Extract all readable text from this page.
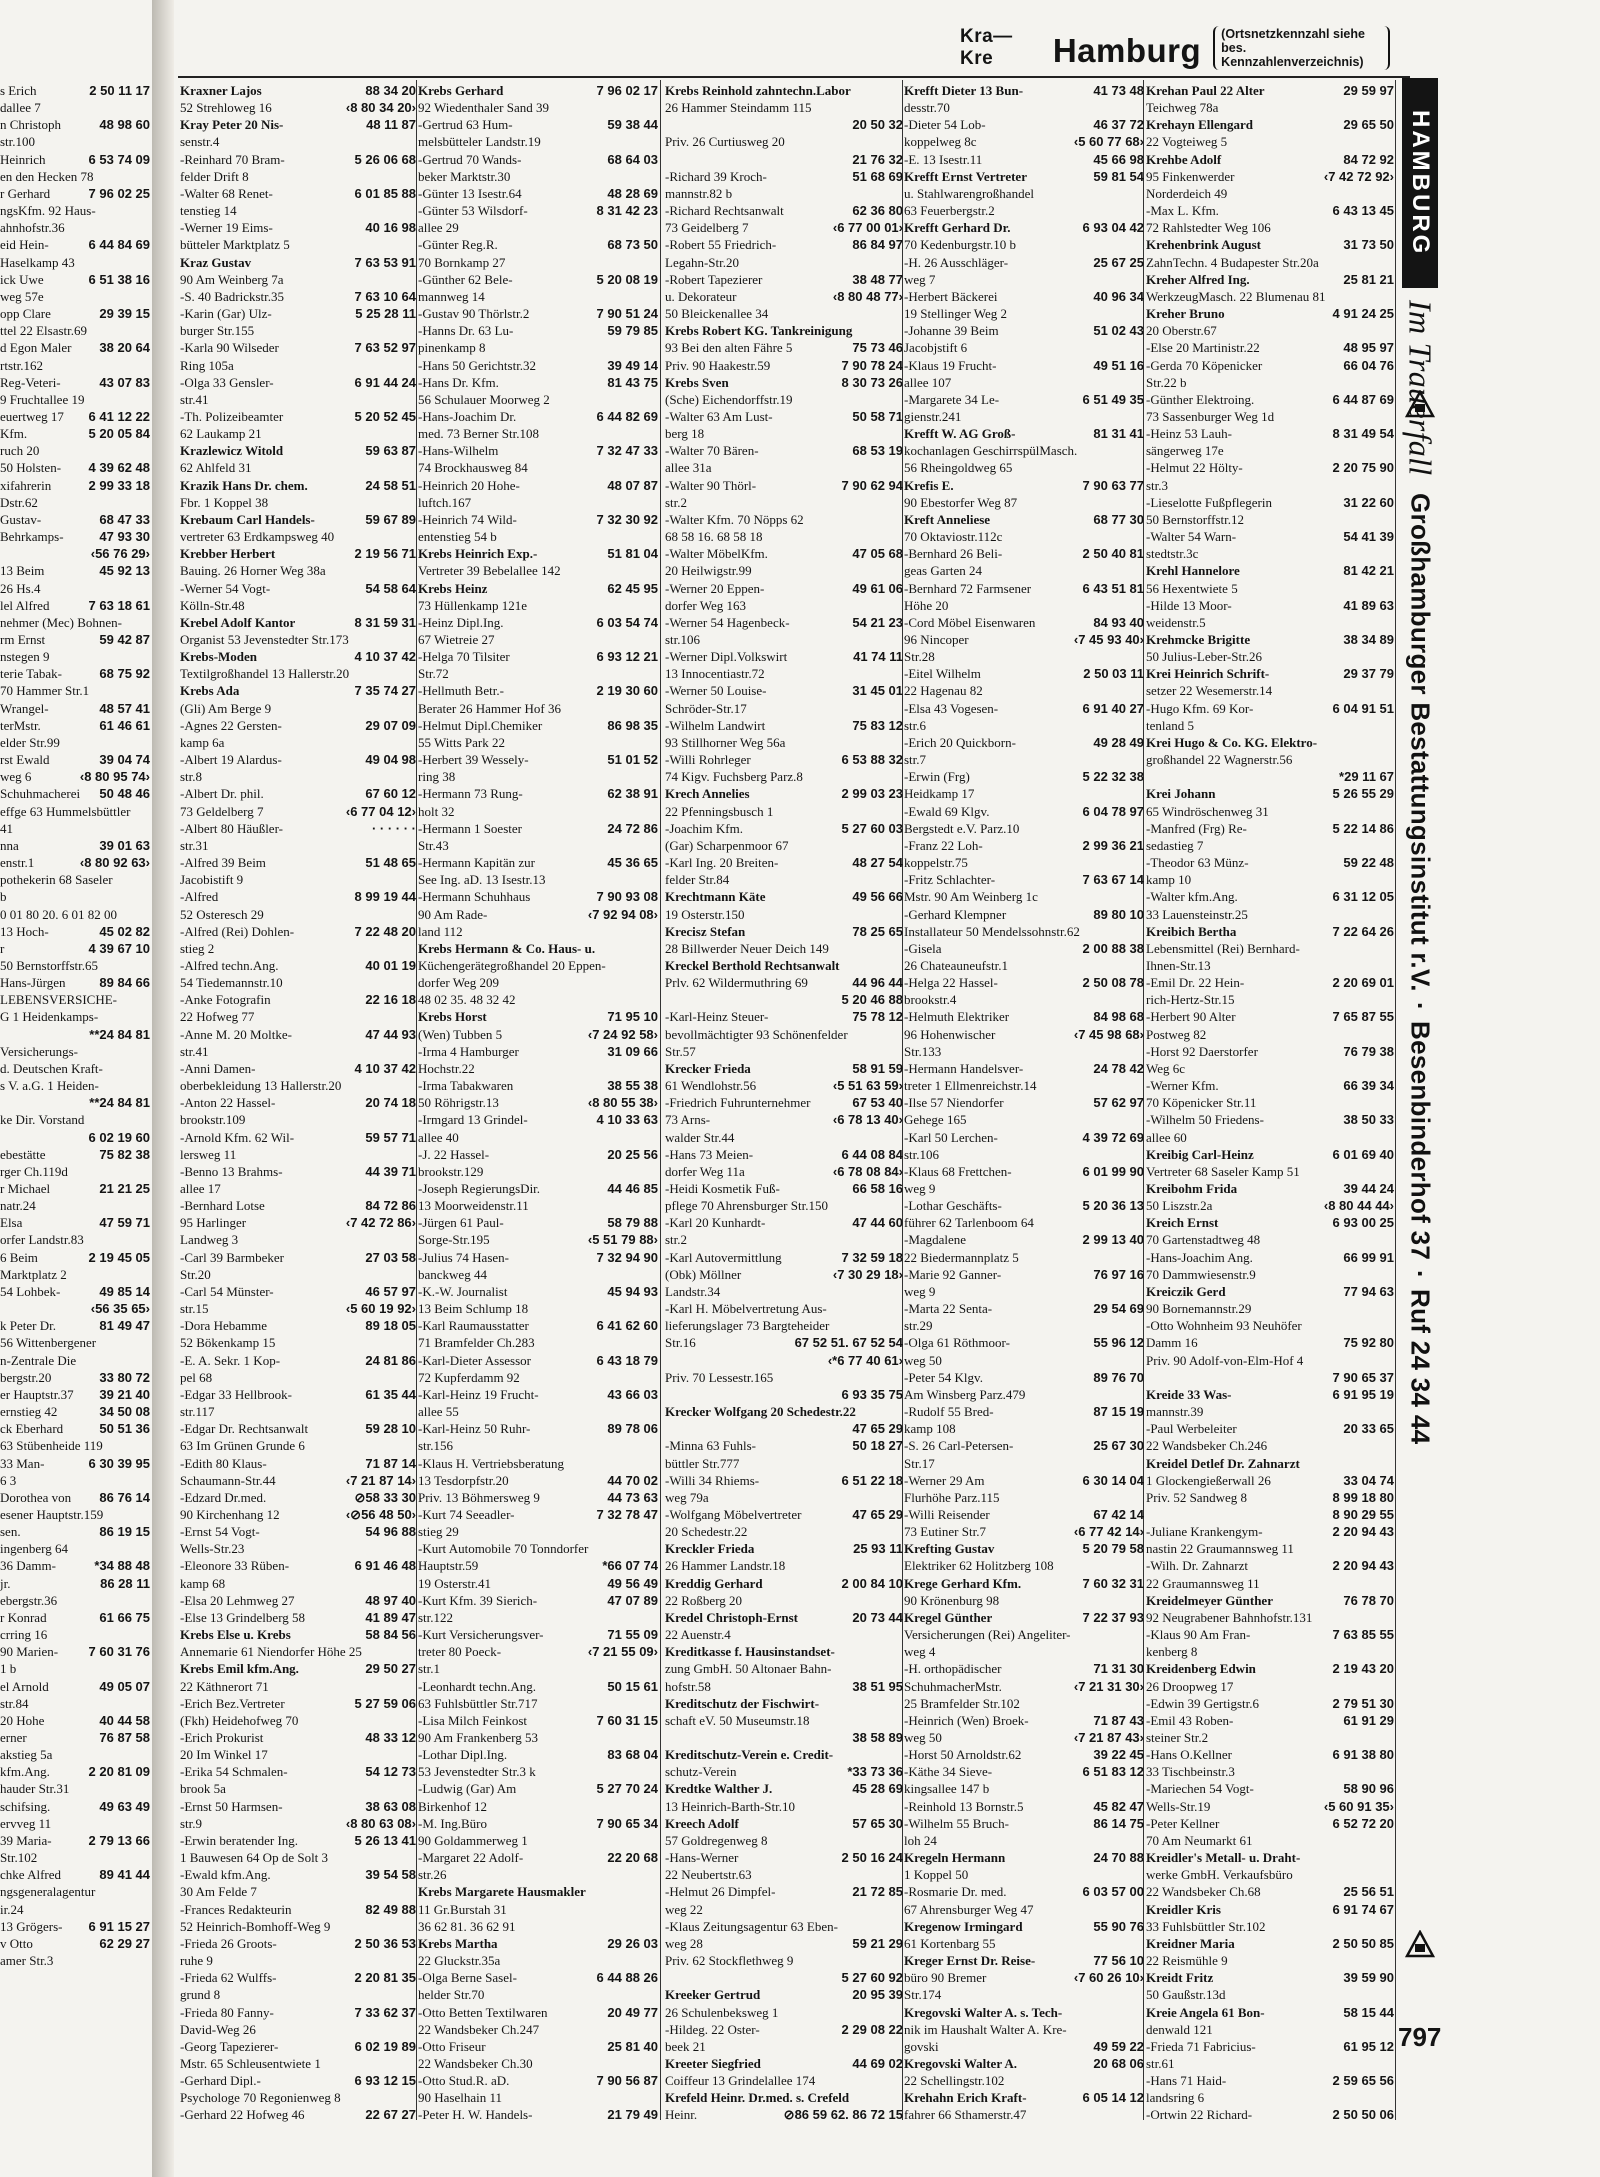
2 50 11 17
s Erich
dallee 7
48 98 60
n Christoph
str.100
6 53 74 09
Heinrich
en den Hecken 78
7 96 02 25
r Gerhard
ngsKfm. 92 Haus-
ahnhofstr.36
6 44 84 69
eid Hein-
Haselkamp 43
6 51 38 16
ick Uwe
weg 57e
29 39 15
opp Clare
ttel 22 Elsastr.69
38 20 64
d Egon Maler
rtstr.162
43 07 83
Reg-Veteri-
9 Fruchtallee 19
6 41 12 22
euertweg 17
5 20 05 84
Kfm.
ruch 20
4 39 62 48
50 Holsten-
2 99 33 18
xifahrerin
Dstr.62
68 47 33
Gustav-
47 93 30
Behrkamps-
‹56 76 29›
45 92 13
13 Beim
26 Hs.4
7 63 18 61
lel Alfred
nehmer (Mec) Bohnen-
59 42 87
rm Ernst
nstegen 9
68 75 92
terie Tabak-
70 Hammer Str.1
48 57 41
Wrangel-
61 46 61
terMstr.
elder Str.99
39 04 74
rst Ewald
‹8 80 95 74›
weg 6
50 48 46
Schuhmacherei
effge 63 Hummelsbüttler
41
39 01 63
nna
‹8 80 92 63›
enstr.1
pothekerin 68 Saseler
b
0 01 80 20. 6 01 82 00
45 02 82
13 Hoch-
4 39 67 10
r
50 Bernstorffstr.65
89 84 66
Hans-Jürgen
LEBENSVERSICHE-
G 1 Heidenkamps-
**24 84 81
Versicherungs-
d. Deutschen Kraft-
s V. a.G. 1 Heiden-
**24 84 81
ke Dir. Vorstand
6 02 19 60
75 82 38
ebestätte
rger Ch.119d
21 21 25
r Michael
natr.24
47 59 71
Elsa
orfer Landstr.83
2 19 45 05
6 Beim
Marktplatz 2
49 85 14
54 Lohbek-
‹56 35 65›
81 49 47
k Peter Dr.
56 Wittenbergener
n-Zentrale Die
33 80 72
bergstr.20
39 21 40
er Hauptstr.37
34 50 08
ernstieg 42
50 51 36
ck Eberhard
63 Stübenheide 119
6 30 39 95
33 Man-
6 3
86 76 14
Dorothea von
esener Hauptstr.159
86 19 15
sen.
ingenberg 64
*34 88 48
36 Damm-
86 28 11
jr.
ebergstr.36
61 66 75
r Konrad
crring 16
7 60 31 76
90 Marien-
1 b
49 05 07
el Arnold
str.84
40 44 58
20 Hohe
76 87 58
erner
akstieg 5a
2 20 81 09
kfm.Ang.
hauder Str.31
49 63 49
schifsing.
ervveg 11
2 79 13 66
39 Maria-
Str.102
89 41 44
chke Alfred
ngsgeneralagentur
ir.24
6 91 15 27
13 Grögers-
62 29 27
v Otto
amer Str.3
Kra—Kre	Hamburg	(Ortsnetzkennzahl siehe
bes. Kennzahlenverzeichnis)
88 34 20
Kraxner Lajos
‹8 80 34 20›
52 Strehloweg 16
48 11 87
Kray Peter 20 Nis-
senstr.4
5 26 06 68
-Reinhard 70 Bram-
felder Drift 8
6 01 85 88
-Walter 68 Renet-
tenstieg 14
40 16 98
-Werner 19 Eims-
bütteler Marktplatz 5
7 63 53 91
Kraz Gustav
90 Am Weinberg 7a
7 63 10 64
-S. 40 Badrickstr.35
5 25 28 11
-Karin (Gar) Ulz-
burger Str.155
7 63 52 97
-Karla 90 Wilseder
Ring 105a
6 91 44 24
-Olga 33 Gensler-
str.41
5 20 52 45
-Th. Polizeibeamter
62 Laukamp 21
59 63 87
Krazlewicz Witold
62 Ahlfeld 31
24 58 51
Krazik Hans Dr. chem.
Fbr. 1 Koppel 38
59 67 89
Krebaum Carl Handels-
vertreter 63 Erdkampsweg 40
2 19 56 71
Krebber Herbert
Bauing. 26 Horner Weg 38a
54 58 64
-Werner 54 Vogt-
Kölln-Str.48
8 31 59 31
Krebel Adolf Kantor
Organist 53 Jevenstedter Str.173
4 10 37 42
Krebs-Moden
Textilgroßhandel 13 Hallerstr.20
7 35 74 27
Krebs Ada
(Gli) Am Berge 9
29 07 09
-Agnes 22 Gersten-
kamp 6a
49 04 98
-Albert 19 Alardus-
str.8
67 60 12
-Albert Dr. phil.
‹6 77 04 12›
73 Geldelberg 7
· · · · · ·
-Albert 80 Häußler-
str.31
51 48 65
-Alfred 39 Beim
Jacobistift 9
8 99 19 44
-Alfred
52 Osteresch 29
7 22 48 20
-Alfred (Rei) Dohlen-
stieg 2
40 01 19
-Alfred techn.Ang.
54 Tiedemannstr.10
22 16 18
-Anke Fotografin
22 Hofweg 77
47 44 93
-Anne M. 20 Moltke-
str.41
4 10 37 42
-Anni Damen-
oberbekleidung 13 Hallerstr.20
20 74 18
-Anton 22 Hassel-
brookstr.109
59 57 71
-Arnold Kfm. 62 Wil-
lersweg 11
44 39 71
-Benno 13 Brahms-
allee 17
84 72 86
-Bernhard Lotse
‹7 42 72 86›
95 Harlinger
Landweg 3
27 03 58
-Carl 39 Barmbeker
Str.20
46 57 97
-Carl 54 Münster-
‹5 60 19 92›
str.15
89 18 05
-Dora Hebamme
52 Bökenkamp 15
24 81 86
-E. A. Sekr. 1 Kop-
pel 68
61 35 44
-Edgar 33 Hellbrook-
str.117
59 28 10
-Edgar Dr. Rechtsanwalt
63 Im Grünen Grunde 6
71 87 14
-Edith 80 Klaus-
‹7 21 87 14›
Schaumann-Str.44
⊘58 33 30
-Edzard Dr.med.
‹⊘56 48 50›
90 Kirchenhang 12
54 96 88
-Ernst 54 Vogt-
Wells-Str.23
6 91 46 48
-Eleonore 33 Rüben-
kamp 68
48 97 40
-Elsa 20 Lehmweg 27
41 89 47
-Else 13 Grindelberg 58
58 84 56
Krebs Else u. Krebs
Annemarie 61 Niendorfer Höhe 25
29 50 27
Krebs Emil kfm.Ang.
22 Käthnerort 71
5 27 59 06
-Erich Bez.Vertreter
(Fkh) Heidehofweg 70
48 33 12
-Erich Prokurist
20 Im Winkel 17
54 12 73
-Erika 54 Schmalen-
brook 5a
38 63 08
-Ernst 50 Harmsen-
‹8 80 63 08›
str.9
5 26 13 41
-Erwin beratender Ing.
1 Bauwesen 64 Op de Solt 3
39 54 58
-Ewald kfm.Ang.
30 Am Felde 7
82 49 88
-Frances Redakteurin
52 Heinrich-Bomhoff-Weg 9
2 50 36 53
-Frieda 26 Groots-
ruhe 9
2 20 81 35
-Frieda 62 Wulffs-
grund 8
7 33 62 37
-Frieda 80 Fanny-
David-Weg 26
6 02 19 89
-Georg Tapezierer-
Mstr. 65 Schleusentwiete 1
6 93 12 15
-Gerhard Dipl.-
Psychologe 70 Regonienweg 8
22 67 27
-Gerhard 22 Hofweg 46
7 96 02 17
Krebs Gerhard
92 Wiedenthaler Sand 39
59 38 44
-Gertrud 63 Hum-
melsbütteler Landstr.19
68 64 03
-Gertrud 70 Wands-
beker Marktstr.30
48 28 69
-Günter 13 Isestr.64
8 31 42 23
-Günter 53 Wilsdorf-
allee 29
68 73 50
-Günter Reg.R.
70 Bornkamp 27
5 20 08 19
-Günther 62 Bele-
mannweg 14
7 90 51 24
-Gustav 90 Thörlstr.2
59 79 85
-Hanns Dr. 63 Lu-
pinenkamp 8
39 49 14
-Hans 50 Gerichtstr.32
81 43 75
-Hans Dr. Kfm.
56 Schulauer Moorweg 2
6 44 82 69
-Hans-Joachim Dr.
med. 73 Berner Str.108
7 32 47 33
-Hans-Wilhelm
74 Brockhausweg 84
48 07 87
-Heinrich 20 Hohe-
luftch.167
7 32 30 92
-Heinrich 74 Wild-
entenstieg 54 b
51 81 04
Krebs Heinrich Exp.-
Vertreter 39 Bebelallee 142
62 45 95
Krebs Heinz
73 Hüllenkamp 121e
6 03 54 74
-Heinz Dipl.Ing.
67 Wietreie 27
6 93 12 21
-Helga 70 Tilsiter
Str.72
2 19 30 60
-Hellmuth Betr.-
Berater 26 Hammer Hof 36
86 98 35
-Helmut Dipl.Chemiker
55 Witts Park 22
51 01 52
-Herbert 39 Wessely-
ring 38
62 38 91
-Hermann 73 Rung-
holt 32
24 72 86
-Hermann 1 Soester
Str.43
45 36 65
-Hermann Kapitän zur
See Ing. aD. 13 Isestr.13
7 90 93 08
-Hermann Schuhhaus
‹7 92 94 08›
90 Am Rade-
land 112
Krebs Hermann & Co. Haus- u.
Küchengerätegroßhandel 20 Eppen-
dorfer Weg 209
48 02 35. 48 32 42
71 95 10
Krebs Horst
‹7 24 92 58›
(Wen) Tubben 5
31 09 66
-Irma 4 Hamburger
Hochstr.22
38 55 38
-Irma Tabakwaren
‹8 80 55 38›
50 Röhrigstr.13
4 10 33 63
-Irmgard 13 Grindel-
allee 40
20 25 56
-J. 22 Hassel-
brookstr.129
44 46 85
-Joseph RegierungsDir.
13 Moorweidenstr.11
58 79 88
-Jürgen 61 Paul-
‹5 51 79 88›
Sorge-Str.195
7 32 94 90
-Julius 74 Hasen-
banckweg 44
45 94 93
-K.-W. Journalist
13 Beim Schlump 18
6 41 62 60
-Karl Raumausstatter
71 Bramfelder Ch.283
6 43 18 79
-Karl-Dieter Assessor
72 Kupferdamm 92
43 66 03
-Karl-Heinz 19 Frucht-
allee 55
89 78 06
-Karl-Heinz 50 Ruhr-
str.156
-Klaus H. Vertriebsberatung
44 70 02
13 Tesdorpfstr.20
44 73 63
Priv. 13 Böhmersweg 9
7 32 78 47
-Kurt 74 Seeadler-
stieg 29
-Kurt Automobile 70 Tonndorfer
*66 07 74
Hauptstr.59
49 56 49
19 Osterstr.41
47 07 89
-Kurt Kfm. 39 Sierich-
str.122
71 55 09
-Kurt Versicherungsver-
‹7 21 55 09›
treter 80 Poeck-
str.1
50 15 61
-Leonhardt techn.Ang.
63 Fuhlsbüttler Str.717
7 60 31 15
-Lisa Milch Feinkost
90 Am Frankenberg 53
83 68 04
-Lothar Dipl.Ing.
53 Jevenstedter Str.3 k
5 27 70 24
-Ludwig (Gar) Am
Birkenhof 12
7 90 65 34
-M. Ing.Büro
90 Goldammerweg 1
22 20 68
-Margaret 22 Adolf-
str.26
Krebs Margarete Hausmakler
11 Gr.Burstah 31
36 62 81. 36 62 91
29 26 03
Krebs Martha
22 Gluckstr.35a
6 44 88 26
-Olga Berne Sasel-
helder Str.70
20 49 77
-Otto Betten Textilwaren
22 Wandsbeker Ch.247
25 81 40
-Otto Friseur
22 Wandsbeker Ch.30
7 90 56 87
-Otto Stud.R. aD.
90 Haselhain 11
21 79 49
-Peter H. W. Handels-
Krebs Reinhold zahntechn.Labor
26 Hammer Steindamm 115
20 50 32
Priv. 26 Curtiusweg 20
21 76 32
51 68 69
-Richard 39 Kroch-
mannstr.82 b
62 36 80
-Richard Rechtsanwalt
‹6 77 00 01›
73 Geidelberg 7
86 84 97
-Robert 55 Friedrich-
Legahn-Str.20
38 48 77
-Robert Tapezierer
‹8 80 48 77›
u. Dekorateur
50 Bleickenallee 34
Krebs Robert KG. Tankreinigung
75 73 46
93 Bei den alten Fähre 5
7 90 78 24
Priv. 90 Haakestr.59
8 30 73 26
Krebs Sven
(Sche) Eichendorffstr.19
50 58 71
-Walter 63 Am Lust-
berg 18
68 53 19
-Walter 70 Bären-
allee 31a
7 90 62 94
-Walter 90 Thörl-
str.2
-Walter Kfm. 70 Nöpps 62
68 58 16. 68 58 18
47 05 68
-Walter MöbelKfm.
20 Heilwigstr.99
49 61 06
-Werner 20 Eppen-
dorfer Weg 163
54 21 23
-Werner 54 Hagenbeck-
str.106
41 74 11
-Werner Dipl.Volkswirt
13 Innocentiastr.72
31 45 01
-Werner 50 Louise-
Schröder-Str.17
75 83 12
-Wilhelm Landwirt
93 Stillhorner Weg 56a
6 53 88 32
-Willi Rohrleger
74 Kigv. Fuchsberg Parz.8
2 99 03 23
Krech Annelies
22 Pfenningsbusch 1
5 27 60 03
-Joachim Kfm.
(Gar) Scharpenmoor 67
48 27 54
-Karl Ing. 20 Breiten-
felder Str.84
49 56 66
Krechtmann Käte
19 Osterstr.150
78 25 65
Krecisz Stefan
28 Billwerder Neuer Deich 149
Kreckel Berthold Rechtsanwalt
44 96 44
Prlv. 62 Wildermuthring 69
5 20 46 88
75 78 12
-Karl-Heinz Steuer-
bevollmächtigter 93 Schönenfelder
Str.57
58 91 59
Krecker Frieda
‹5 51 63 59›
61 Wendlohstr.56
67 53 40
-Friedrich Fuhrunternehmer
‹6 78 13 40›
73 Arns-
walder Str.44
6 44 08 84
-Hans 73 Meien-
‹6 78 08 84›
dorfer Weg 11a
66 58 16
-Heidi Kosmetik Fuß-
pflege 70 Ahrensburger Str.150
47 44 60
-Karl 20 Kunhardt-
str.2
7 32 59 18
-Karl Autovermittlung
‹7 30 29 18›
(Obk) Möllner
Landstr.34
-Karl H. Möbelvertretung Aus-
lieferungslager 73 Bargteheider
67 52 51. 67 52 54
Str.16
‹*6 77 40 61›
Priv. 70 Lessestr.165
6 93 35 75
Krecker Wolfgang 20 Schedestr.22
47 65 29
50 18 27
-Minna 63 Fuhls-
büttler Str.777
6 51 22 18
-Willi 34 Rhiems-
weg 79a
47 65 29
-Wolfgang Möbelvertreter
20 Schedestr.22
25 93 11
Kreckler Frieda
26 Hammer Landstr.18
2 00 84 10
Kreddig Gerhard
22 Roßberg 20
20 73 44
Kredel Christoph-Ernst
22 Auenstr.4
Kreditkasse f. Hausinstandset-
zung GmbH. 50 Altonaer Bahn-
38 51 95
hofstr.58
Kreditschutz der Fischwirt-
schaft eV. 50 Museumstr.18
38 58 89
Kreditschutz-Verein e. Credit-
*33 73 36
schutz-Verein
45 28 69
Kredtke Walther J.
13 Heinrich-Barth-Str.10
57 65 30
Kreech Adolf
57 Goldregenweg 8
2 50 16 24
-Hans-Werner
22 Neubertstr.63
21 72 85
-Helmut 26 Dimpfel-
weg 22
-Klaus Zeitungsagentur 63 Eben-
59 21 29
weg 28
Priv. 62 Stockflethweg 9
5 27 60 92
20 95 39
Kreeker Gertrud
26 Schulenbeksweg 1
2 29 08 22
-Hildeg. 22 Oster-
beek 21
44 69 02
Kreeter Siegfried
Coiffeur 13 Grindelallee 174
Krefeld Heinr. Dr.med. s. Crefeld
⊘86 59 62. 86 72 15
Heinr.
41 73 48
Krefft Dieter 13 Bun-
desstr.70
46 37 72
-Dieter 54 Lob-
‹5 60 77 68›
koppelweg 8c
45 66 98
-E. 13 Isestr.11
59 81 54
Krefft Ernst Vertreter
u. Stahlwarengroßhandel
63 Feuerbergstr.2
6 93 04 42
Krefft Gerhard Dr.
70 Kedenburgstr.10 b
25 67 25
-H. 26 Ausschläger-
weg 7
40 96 34
-Herbert Bäckerei
19 Stellinger Weg 2
51 02 43
-Johanne 39 Beim
Jacobjstift 6
49 51 16
-Klaus 19 Frucht-
allee 107
6 51 49 35
-Margarete 34 Le-
gienstr.241
81 31 41
Krefft W. AG Groß-
kochanlagen GeschirrspülMasch.
56 Rheingoldweg 65
7 90 63 77
Krefis E.
90 Ebestorfer Weg 87
68 77 30
Kreft Anneliese
70 Oktaviostr.112c
2 50 40 81
-Bernhard 26 Beli-
geas Garten 24
6 43 51 81
-Bernhard 72 Farmsener
Höhe 20
84 93 40
-Cord Möbel Eisenwaren
‹7 45 93 40›
96 Nincoper
Str.28
2 50 03 11
-Eitel Wilhelm
22 Hagenau 82
6 91 40 27
-Elsa 43 Vogesen-
str.6
49 28 49
-Erich 20 Quickborn-
str.7
5 22 32 38
-Erwin (Frg)
Heidkamp 17
6 04 78 97
-Ewald 69 Klgv.
Bergstedt e.V. Parz.10
2 99 36 21
-Franz 22 Loh-
koppelstr.75
7 63 67 14
-Fritz Schlachter-
Mstr. 90 Am Weinberg 1c
89 80 10
-Gerhard Klempner
Installateur 50 Mendelssohnstr.62
2 00 88 38
-Gisela
26 Chateauneufstr.1
2 50 08 78
-Helga 22 Hassel-
brookstr.4
84 98 68
-Helmuth Elektriker
‹7 45 98 68›
96 Hohenwischer
Str.133
24 78 42
-Hermann Handelsver-
treter 1 Ellmenreichstr.14
57 62 97
-Ilse 57 Niendorfer
Gehege 165
4 39 72 69
-Karl 50 Lerchen-
str.106
6 01 99 90
-Klaus 68 Frettchen-
weg 9
5 20 36 13
-Lothar Geschäfts-
führer 62 Tarlenboom 64
2 99 13 40
-Magdalene
22 Biedermannplatz 5
76 97 16
-Marie 92 Ganner-
weg 9
29 54 69
-Marta 22 Senta-
str.29
55 96 12
-Olga 61 Röthmoor-
weg 50
89 76 70
-Peter 54 Klgv.
Am Winsberg Parz.479
87 15 19
-Rudolf 55 Bred-
kamp 108
25 67 30
-S. 26 Carl-Petersen-
Str.17
6 30 14 04
-Werner 29 Am
Flurhöhe Parz.115
67 42 14
-Willi Reisender
‹6 77 42 14›
73 Eutiner Str.7
5 20 79 58
Krefting Gustav
Elektriker 62 Holitzberg 108
7 60 32 31
Krege Gerhard Kfm.
90 Krönenburg 98
7 22 37 93
Kregel Günther
Versicherungen (Rei) Angeliter-
weg 4
71 31 30
-H. orthopädischer
‹7 21 31 30›
SchuhmacherMstr.
25 Bramfelder Str.102
71 87 43
-Heinrich (Wen) Broek-
‹7 21 87 43›
weg 50
39 22 45
-Horst 50 Arnoldstr.62
6 51 83 12
-Käthe 34 Sieve-
kingsallee 147 b
45 82 47
-Reinhold 13 Bornstr.5
86 14 75
-Wilhelm 55 Bruch-
loh 24
24 70 88
Kregeln Hermann
1 Koppel 50
6 03 57 00
-Rosmarie Dr. med.
67 Ahrensburger Weg 47
55 90 76
Kregenow Irmingard
61 Kortenbarg 55
77 56 10
Kreger Ernst Dr. Reise-
‹7 60 26 10›
büro 90 Bremer
Str.174
Kregovski Walter A. s. Tech-
nik im Haushalt Walter A. Kre-
49 59 22
govski
20 68 06
Kregovski Walter A.
22 Schellingstr.102
6 05 14 12
Krehahn Erich Kraft-
fahrer 66 Sthamerstr.47
29 59 97
Krehan Paul 22 Alter
Teichweg 78a
29 65 50
Krehayn Ellengard
22 Vogteiweg 5
84 72 92
Krehbe Adolf
‹7 42 72 92›
95 Finkenwerder
Norderdeich 49
6 43 13 45
-Max L. Kfm.
72 Rahlstedter Weg 106
31 73 50
Krehenbrink August
ZahnTechn. 4 Budapester Str.20a
25 81 21
Kreher Alfred Ing.
WerkzeugMasch. 22 Blumenau 81
4 91 24 25
Kreher Bruno
20 Oberstr.67
48 95 97
-Else 20 Martinistr.22
66 04 76
-Gerda 70 Köpenicker
Str.22 b
6 44 87 69
-Günther Elektroing.
73 Sassenburger Weg 1d
8 31 49 54
-Heinz 53 Lauh-
sängerweg 17e
2 20 75 90
-Helmut 22 Hölty-
str.3
31 22 60
-Lieselotte Fußpflegerin
50 Bernstorffstr.12
54 41 39
-Walter 54 Warn-
stedtstr.3c
81 42 21
Krehl Hannelore
56 Hexentwiete 5
41 89 63
-Hilde 13 Moor-
weidenstr.5
38 34 89
Krehmcke Brigitte
50 Julius-Leber-Str.26
29 37 79
Krei Heinrich Schrift-
setzer 22 Wesemerstr.14
6 04 91 51
-Hugo Kfm. 69 Kor-
tenland 5
Krei Hugo & Co. KG. Elektro-
großhandel 22 Wagnerstr.56
*29 11 67
5 26 55 29
Krei Johann
65 Windröschenweg 31
5 22 14 86
-Manfred (Frg) Re-
sedastieg 7
59 22 48
-Theodor 63 Münz-
kamp 10
6 31 12 05
-Walter kfm.Ang.
33 Lauensteinstr.25
7 22 64 26
Kreibich Bertha
Lebensmittel (Rei) Bernhard-
Ihnen-Str.13
2 20 69 01
-Emil Dr. 22 Hein-
rich-Hertz-Str.15
7 65 87 55
-Herbert 90 Alter
Postweg 82
76 79 38
-Horst 92 Daerstorfer
Weg 6c
66 39 34
-Werner Kfm.
70 Köpenicker Str.11
38 50 33
-Wilhelm 50 Friedens-
allee 60
6 01 69 40
Kreibig Carl-Heinz
Vertreter 68 Saseler Kamp 51
39 44 24
Kreibohm Frida
‹8 80 44 44›
50 Liszstr.2a
6 93 00 25
Kreich Ernst
70 Gartenstadtweg 48
66 99 91
-Hans-Joachim Ang.
70 Dammwiesenstr.9
77 94 63
Kreiczik Gerd
90 Bornemannstr.29
-Otto Wohnheim 93 Neuhöfer
75 92 80
Damm 16
Priv. 90 Adolf-von-Elm-Hof 4
7 90 65 37
6 91 95 19
Kreide 33 Was-
mannstr.39
20 33 65
-Paul Werbeleiter
22 Wandsbeker Ch.246
Kreidel Detlef Dr. Zahnarzt
33 04 74
1 Glockengießerwall 26
8 99 18 80
Priv. 52 Sandweg 8
8 90 29 55
2 20 94 43
-Juliane Krankengym-
nastin 22 Graumannsweg 11
2 20 94 43
-Wilh. Dr. Zahnarzt
22 Graumannsweg 11
76 78 70
Kreidelmeyer Günther
92 Neugrabener Bahnhofstr.131
7 63 85 55
-Klaus 90 Am Fran-
kenberg 8
2 19 43 20
Kreidenberg Edwin
26 Droopweg 17
2 79 51 30
-Edwin 39 Gertigstr.6
61 91 29
-Emil 43 Roben-
steiner Str.2
6 91 38 80
-Hans O.Kellner
33 Tischbeinstr.3
58 90 96
-Mariechen 54 Vogt-
‹5 60 91 35›
Wells-Str.19
6 52 72 20
-Peter Kellner
70 Am Neumarkt 61
Kreidler's Metall- u. Draht-
werke GmbH. Verkaufsbüro
25 56 51
22 Wandsbeker Ch.68
6 91 74 67
Kreidler Kris
33 Fuhlsbüttler Str.102
2 50 50 85
Kreidner Maria
22 Reismühle 9
39 59 90
Kreidt Fritz
50 Gaußstr.13d
58 15 44
Kreie Angela 61 Bon-
denwald 121
61 95 12
-Frieda 71 Fabricius-
str.61
2 59 65 56
-Hans 71 Haid-
landsring 6
2 50 50 06
-Ortwin 22 Richard-
HAMBURG
Im Trauerfall
Großhamburger Bestattungsinstitut r.V.
·
Besenbinderhof 37
·
Ruf 24 34 44
797
